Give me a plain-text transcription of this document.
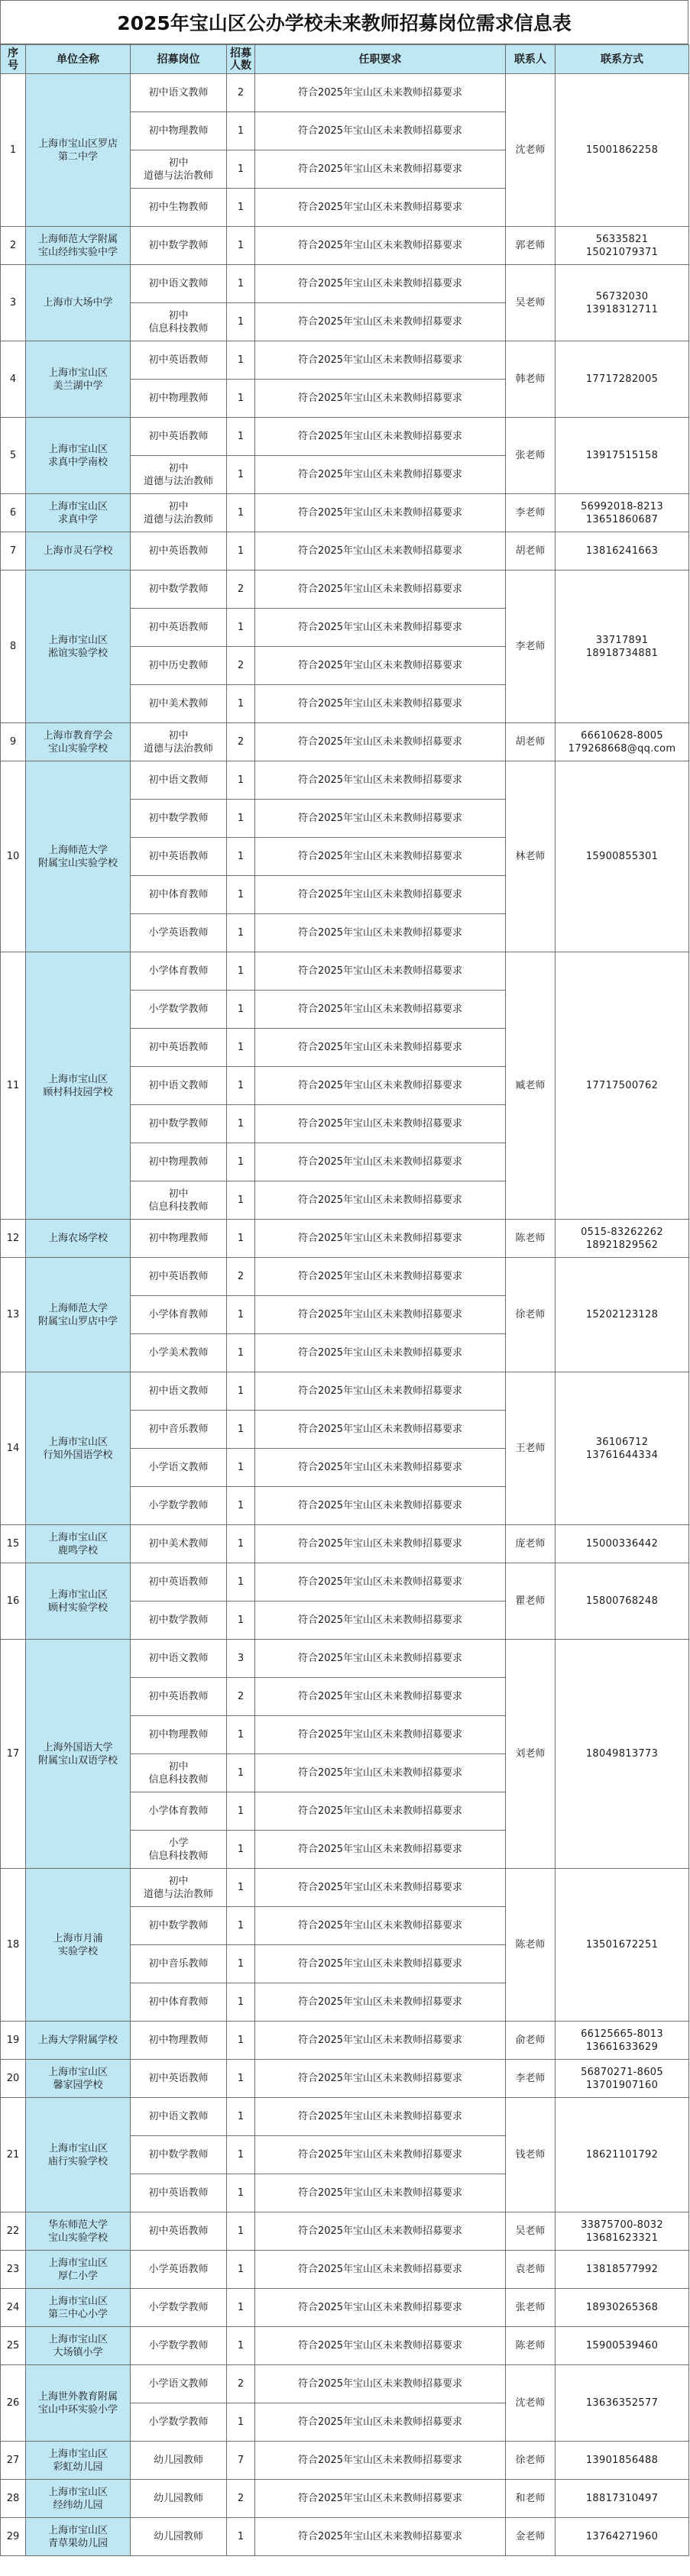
2025年宝山区公办学校未来教师招募岗位需求信息表
序
号	单位全称	招募岗位	招募
人数	任职要求	联系人	联系方式

1	上海市宝山区罗店
第二中学	初中语文教师	2	符合2025年宝山区未来教师招募要求	沈老师	15001862258

		初中物理教师	1	符合2025年宝山区未来教师招募要求		

		初中
道德与法治教师	1	符合2025年宝山区未来教师招募要求		

		初中生物教师	1	符合2025年宝山区未来教师招募要求		

2	上海师范大学附属
宝山经纬实验中学	初中数学教师	1	符合2025年宝山区未来教师招募要求	郭老师	56335821
15021079371

3	上海市大场中学	初中语文教师	1	符合2025年宝山区未来教师招募要求	吴老师	56732030
13918312711

		初中
信息科技教师	1	符合2025年宝山区未来教师招募要求		

4	上海市宝山区
美兰湖中学	初中英语教师	1	符合2025年宝山区未来教师招募要求	韩老师	17717282005

		初中物理教师	1	符合2025年宝山区未来教师招募要求		

5	上海市宝山区
求真中学南校	初中英语教师	1	符合2025年宝山区未来教师招募要求	张老师	13917515158

		初中
道德与法治教师	1	符合2025年宝山区未来教师招募要求		

6	上海市宝山区
求真中学	初中
道德与法治教师	1	符合2025年宝山区未来教师招募要求	李老师	56992018-8213
13651860687

7	上海市灵石学校	初中英语教师	1	符合2025年宝山区未来教师招募要求	胡老师	13816241663

8	上海市宝山区
淞谊实验学校	初中数学教师	2	符合2025年宝山区未来教师招募要求	李老师	33717891
18918734881

		初中英语教师	1	符合2025年宝山区未来教师招募要求		

		初中历史教师	2	符合2025年宝山区未来教师招募要求		

		初中美术教师	1	符合2025年宝山区未来教师招募要求		

9	上海市教育学会
宝山实验学校	初中
道德与法治教师	2	符合2025年宝山区未来教师招募要求	胡老师	66610628-8005
179268668@qq.com

10	上海师范大学
附属宝山实验学校	初中语文教师	1	符合2025年宝山区未来教师招募要求	林老师	15900855301

		初中数学教师	1	符合2025年宝山区未来教师招募要求		

		初中英语教师	1	符合2025年宝山区未来教师招募要求		

		初中体育教师	1	符合2025年宝山区未来教师招募要求		

		小学英语教师	1	符合2025年宝山区未来教师招募要求		

11	上海市宝山区
顾村科技园学校	小学体育教师	1	符合2025年宝山区未来教师招募要求	臧老师	17717500762

		小学数学教师	1	符合2025年宝山区未来教师招募要求		

		初中英语教师	1	符合2025年宝山区未来教师招募要求		

		初中语文教师	1	符合2025年宝山区未来教师招募要求		

		初中数学教师	1	符合2025年宝山区未来教师招募要求		

		初中物理教师	1	符合2025年宝山区未来教师招募要求		

		初中
信息科技教师	1	符合2025年宝山区未来教师招募要求		

12	上海农场学校	初中物理教师	1	符合2025年宝山区未来教师招募要求	陈老师	0515-83262262
18921829562

13	上海师范大学
附属宝山罗店中学	初中英语教师	2	符合2025年宝山区未来教师招募要求	徐老师	15202123128

		小学体育教师	1	符合2025年宝山区未来教师招募要求		

		小学美术教师	1	符合2025年宝山区未来教师招募要求		

14	上海市宝山区
行知外国语学校	初中语文教师	1	符合2025年宝山区未来教师招募要求	王老师	36106712
13761644334

		初中音乐教师	1	符合2025年宝山区未来教师招募要求		

		小学语文教师	1	符合2025年宝山区未来教师招募要求		

		小学数学教师	1	符合2025年宝山区未来教师招募要求		

15	上海市宝山区
鹿鸣学校	初中美术教师	1	符合2025年宝山区未来教师招募要求	庞老师	15000336442

16	上海市宝山区
顾村实验学校	初中英语教师	1	符合2025年宝山区未来教师招募要求	瞿老师	15800768248

		初中数学教师	1	符合2025年宝山区未来教师招募要求		

17	上海外国语大学
附属宝山双语学校	初中语文教师	3	符合2025年宝山区未来教师招募要求	刘老师	18049813773

		初中英语教师	2	符合2025年宝山区未来教师招募要求		

		初中物理教师	1	符合2025年宝山区未来教师招募要求		

		初中
信息科技教师	1	符合2025年宝山区未来教师招募要求		

		小学体育教师	1	符合2025年宝山区未来教师招募要求		

		小学
信息科技教师	1	符合2025年宝山区未来教师招募要求		

18	上海市月浦
实验学校	初中
道德与法治教师	1	符合2025年宝山区未来教师招募要求	陈老师	13501672251

		初中数学教师	1	符合2025年宝山区未来教师招募要求		

		初中音乐教师	1	符合2025年宝山区未来教师招募要求		

		初中体育教师	1	符合2025年宝山区未来教师招募要求		

19	上海大学附属学校	初中物理教师	1	符合2025年宝山区未来教师招募要求	俞老师	66125665-8013
13661633629

20	上海市宝山区
馨家园学校	初中英语教师	1	符合2025年宝山区未来教师招募要求	李老师	56870271-8605
13701907160

21	上海市宝山区
庙行实验学校	初中语文教师	1	符合2025年宝山区未来教师招募要求	钱老师	18621101792

		初中数学教师	1	符合2025年宝山区未来教师招募要求		

		初中英语教师	1	符合2025年宝山区未来教师招募要求		

22	华东师范大学
宝山实验学校	初中英语教师	1	符合2025年宝山区未来教师招募要求	吴老师	33875700-8032
13681623321

23	上海市宝山区
厚仁小学	小学英语教师	1	符合2025年宝山区未来教师招募要求	袁老师	13818577992

24	上海市宝山区
第三中心小学	小学数学教师	1	符合2025年宝山区未来教师招募要求	张老师	18930265368

25	上海市宝山区
大场镇小学	小学数学教师	1	符合2025年宝山区未来教师招募要求	陈老师	15900539460

26	上海世外教育附属
宝山中环实验小学	小学语文教师	2	符合2025年宝山区未来教师招募要求	沈老师	13636352577

		小学数学教师	1	符合2025年宝山区未来教师招募要求		

27	上海市宝山区
彩虹幼儿园	幼儿园教师	7	符合2025年宝山区未来教师招募要求	徐老师	13901856488

28	上海市宝山区
经纬幼儿园	幼儿园教师	2	符合2025年宝山区未来教师招募要求	和老师	18817310497

29	上海市宝山区
青草果幼儿园	幼儿园教师	1	符合2025年宝山区未来教师招募要求	金老师	13764271960
